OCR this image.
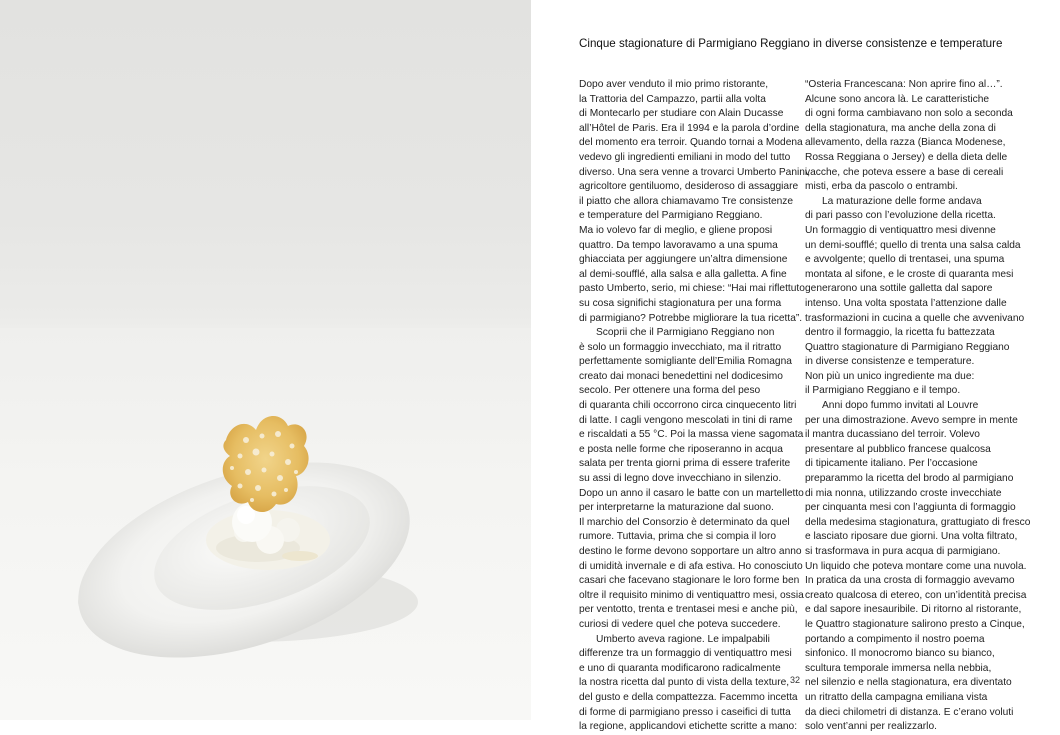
Cinque stagionature di Parmigiano Reggiano in diverse consistenze e temperature
Dopo aver venduto il mio primo ristorante,
la Trattoria del Campazzo, partii alla volta
di Montecarlo per studiare con Alain Ducasse
all’Hôtel de Paris. Era il 1994 e la parola d’ordine
del momento era terroir. Quando tornai a Modena
vedevo gli ingredienti emiliani in modo del tutto
diverso. Una sera venne a trovarci Umberto Panini,
agricoltore gentiluomo, desideroso di assaggiare
il piatto che allora chiamavamo Tre consistenze
e temperature del Parmigiano Reggiano.
Ma io volevo far di meglio, e gliene proposi
quattro. Da tempo lavoravamo a una spuma
ghiacciata per aggiungere un’altra dimensione
al demi-soufflé, alla salsa e alla galletta. A fine
pasto Umberto, serio, mi chiese: “Hai mai riflettuto
su cosa significhi stagionatura per una forma
di parmigiano? Potrebbe migliorare la tua ricetta”.
Scoprii che il Parmigiano Reggiano non
è solo un formaggio invecchiato, ma il ritratto
perfettamente somigliante dell’Emilia Romagna
creato dai monaci benedettini nel dodicesimo
secolo. Per ottenere una forma del peso
di quaranta chili occorrono circa cinquecento litri
di latte. I cagli vengono mescolati in tini di rame
e riscaldati a 55 °C. Poi la massa viene sagomata
e posta nelle forme che riposeranno in acqua
salata per trenta giorni prima di essere traferite
su assi di legno dove invecchiano in silenzio.
Dopo un anno il casaro le batte con un martelletto
per interpretarne la maturazione dal suono.
Il marchio del Consorzio è determinato da quel
rumore. Tuttavia, prima che si compia il loro
destino le forme devono sopportare un altro anno
di umidità invernale e di afa estiva. Ho conosciuto
casari che facevano stagionare le loro forme ben
oltre il requisito minimo di ventiquattro mesi, ossia
per ventotto, trenta e trentasei mesi e anche più,
curiosi di vedere quel che poteva succedere.
Umberto aveva ragione. Le impalpabili
differenze tra un formaggio di ventiquattro mesi
e uno di quaranta modificarono radicalmente
la nostra ricetta dal punto di vista della texture,
del gusto e della compattezza. Facemmo incetta
di forme di parmigiano presso i caseifici di tutta
la regione, applicandovi etichette scritte a mano:
“Osteria Francescana: Non aprire fino al…”.
Alcune sono ancora là. Le caratteristiche
di ogni forma cambiavano non solo a seconda
della stagionatura, ma anche della zona di
allevamento, della razza (Bianca Modenese,
Rossa Reggiana o Jersey) e della dieta delle
vacche, che poteva essere a base di cereali
misti, erba da pascolo o entrambi.
La maturazione delle forme andava
di pari passo con l’evoluzione della ricetta.
Un formaggio di ventiquattro mesi divenne
un demi-soufflé; quello di trenta una salsa calda
e avvolgente; quello di trentasei, una spuma
montata al sifone, e le croste di quaranta mesi
generarono una sottile galletta dal sapore
intenso. Una volta spostata l’attenzione dalle
trasformazioni in cucina a quelle che avvenivano
dentro il formaggio, la ricetta fu battezzata
Quattro stagionature di Parmigiano Reggiano
in diverse consistenze e temperature.
Non più un unico ingrediente ma due:
il Parmigiano Reggiano e il tempo.
Anni dopo fummo invitati al Louvre
per una dimostrazione. Avevo sempre in mente
il mantra ducassiano del terroir. Volevo
presentare al pubblico francese qualcosa
di tipicamente italiano. Per l’occasione
preparammo la ricetta del brodo al parmigiano
di mia nonna, utilizzando croste invecchiate
per cinquanta mesi con l’aggiunta di formaggio
della medesima stagionatura, grattugiato di fresco
e lasciato riposare due giorni. Una volta filtrato,
si trasformava in pura acqua di parmigiano.
Un liquido che poteva montare come una nuvola.
In pratica da una crosta di formaggio avevamo
creato qualcosa di etereo, con un’identità precisa
e dal sapore inesauribile. Di ritorno al ristorante,
le Quattro stagionature salirono presto a Cinque,
portando a compimento il nostro poema
sinfonico. Il monocromo bianco su bianco,
scultura temporale immersa nella nebbia,
nel silenzio e nella stagionatura, era diventato
un ritratto della campagna emiliana vista
da dieci chilometri di distanza. E c’erano voluti
solo vent’anni per realizzarlo.
32
